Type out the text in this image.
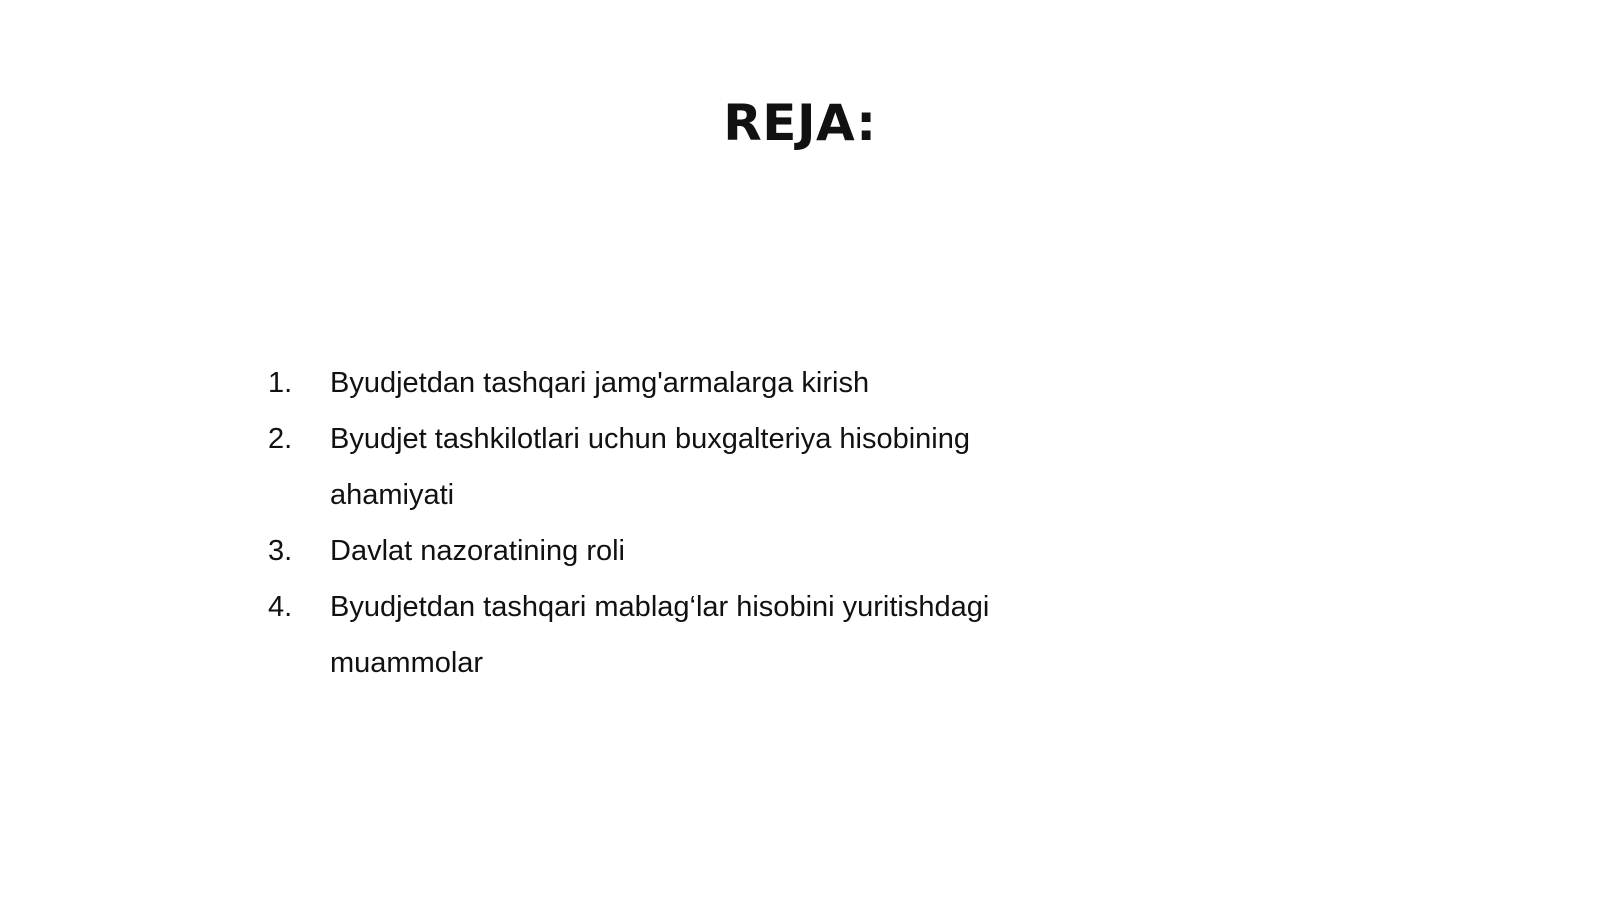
REJA:
1.	Byudjetdan tashqari jamg'armalarga kirish
2.	Byudjet tashkilotlari uchun buxgalteriya hisobining ahamiyati
3.	Davlat nazoratining roli
4.	Byudjetdan tashqari mablag‘lar hisobini yuritishdagi muammolar
